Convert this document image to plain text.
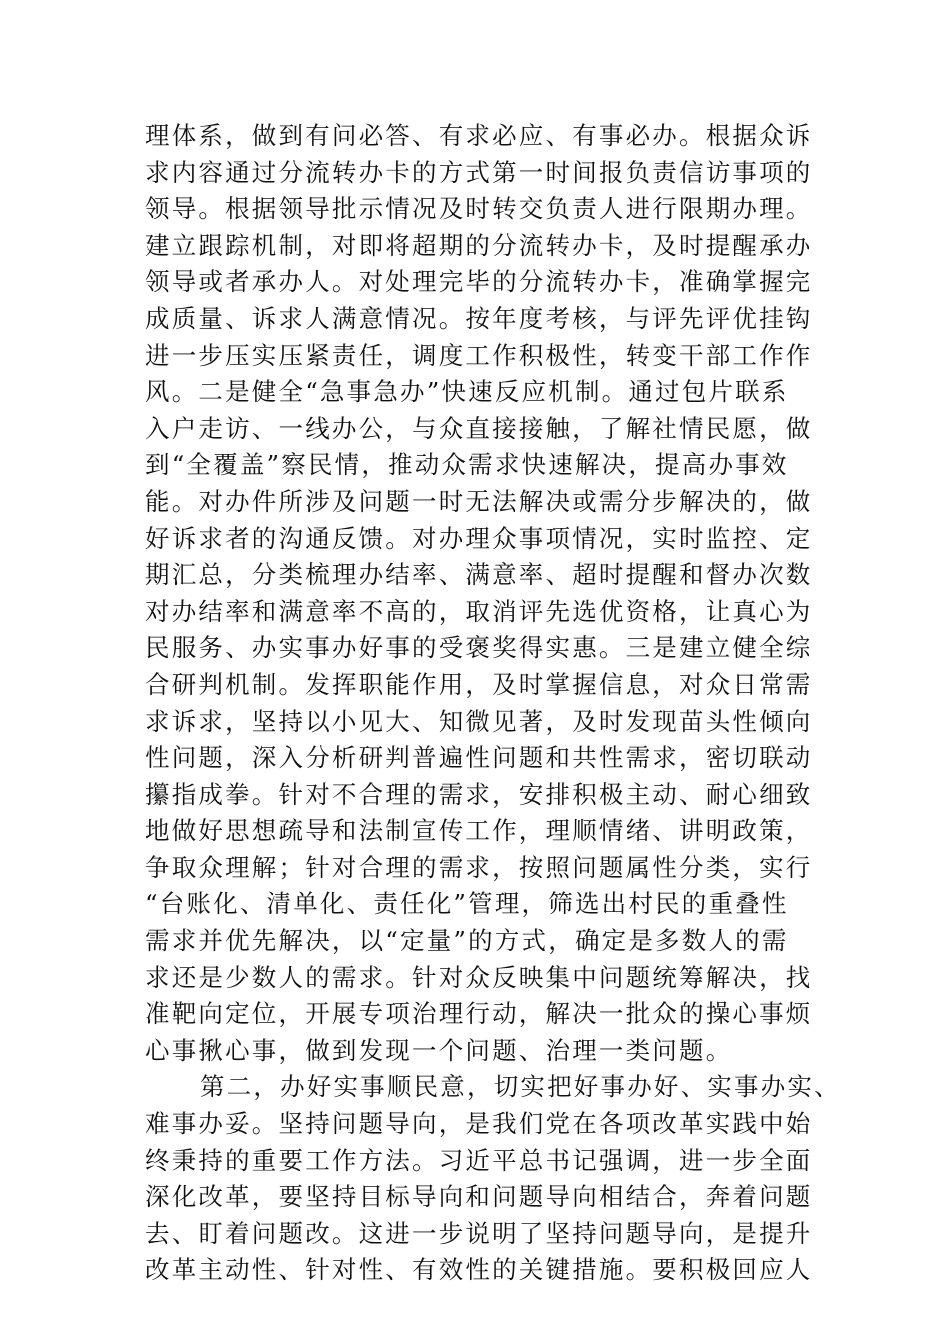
理体系，做到有问必答、有求必应、有事必办。根据众诉
求内容通过分流转办卡的方式第一时间报负责信访事项的
领导。根据领导批示情况及时转交负责人进行限期办理。
建立跟踪机制，对即将超期的分流转办卡，及时提醒承办
领导或者承办人。对处理完毕的分流转办卡，准确掌握完
成质量、诉求人满意情况。按年度考核，与评先评优挂钩
进一步压实压紧责任，调度工作积极性，转变干部工作作
风。二是健全“急事急办”快速反应机制。通过包片联系
入户走访、一线办公，与众直接接触，了解社情民愿，做
到“全覆盖”察民情，推动众需求快速解决，提高办事效
能。对办件所涉及问题一时无法解决或需分步解决的，做
好诉求者的沟通反馈。对办理众事项情况，实时监控、定
期汇总，分类梳理办结率、满意率、超时提醒和督办次数
对办结率和满意率不高的，取消评先选优资格，让真心为
民服务、办实事办好事的受褒奖得实惠。三是建立健全综
合研判机制。发挥职能作用，及时掌握信息，对众日常需
求诉求，坚持以小见大、知微见著，及时发现苗头性倾向
性问题，深入分析研判普遍性问题和共性需求，密切联动
攥指成拳。针对不合理的需求，安排积极主动、耐心细致
地做好思想疏导和法制宣传工作，理顺情绪、讲明政策，
争取众理解；针对合理的需求，按照问题属性分类，实行
“台账化、清单化、责任化”管理，筛选出村民的重叠性
需求并优先解决，以“定量”的方式，确定是多数人的需
求还是少数人的需求。针对众反映集中问题统筹解决，找
准靶向定位，开展专项治理行动，解决一批众的操心事烦
心事揪心事，做到发现一个问题、治理一类问题。
第二，办好实事顺民意，切实把好事办好、实事办实、
难事办妥。坚持问题导向，是我们党在各项改革实践中始
终秉持的重要工作方法。习近平总书记强调，进一步全面
深化改革，要坚持目标导向和问题导向相结合，奔着问题
去、盯着问题改。这进一步说明了坚持问题导向，是提升
改革主动性、针对性、有效性的关键措施。要积极回应人
